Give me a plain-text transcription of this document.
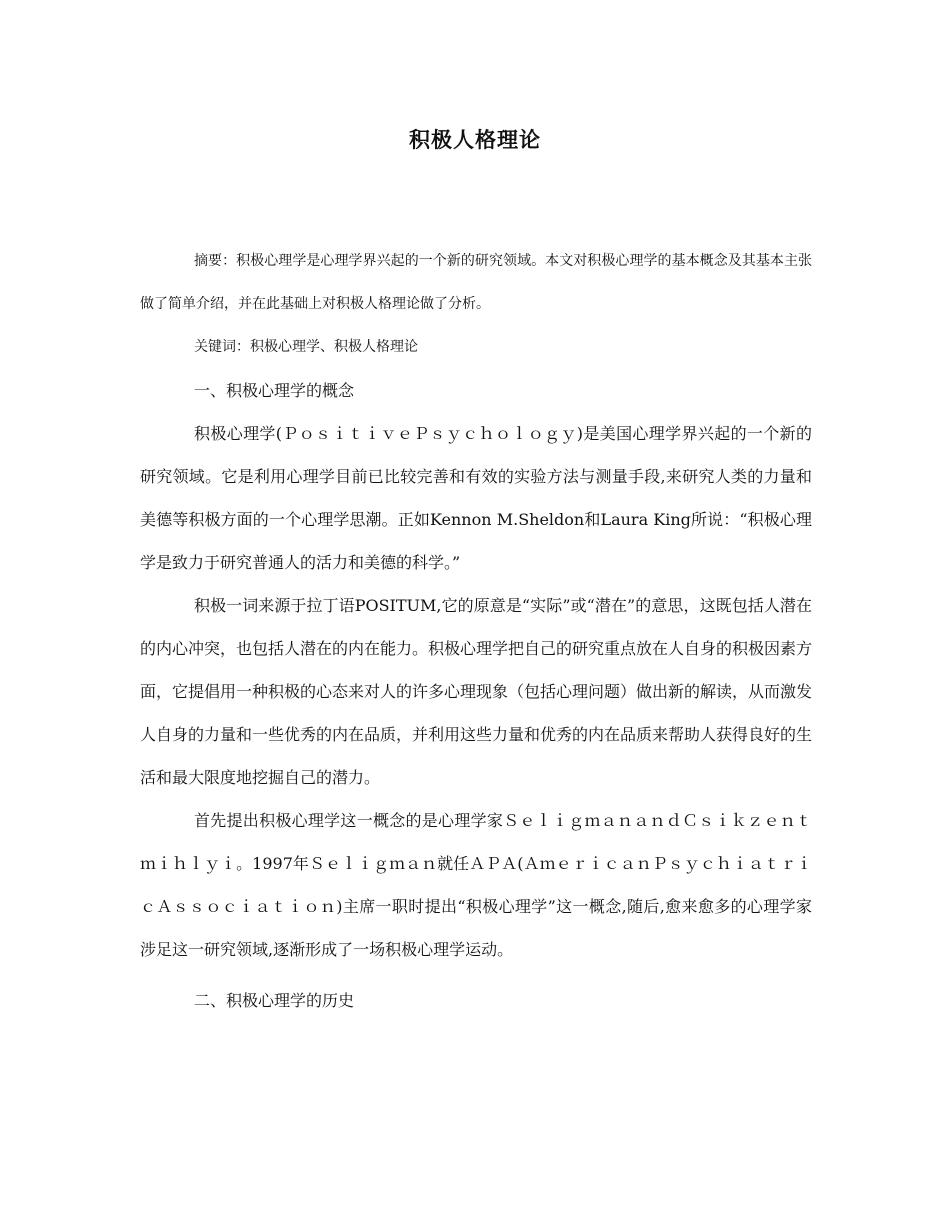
积极人格理论

摘要：积极心理学是心理学界兴起的一个新的研究领域。本文对积极心理学的基本概念及其基本主张做了简单介绍，并在此基础上对积极人格理论做了分析。

关键词：积极心理学、积极人格理论

一、积极心理学的概念

积极心理学(ＰｏｓｉｔｉｖｅＰｓｙｃｈｏｌｏｇｙ)是美国心理学界兴起的一个新的研究领域。它是利用心理学目前已比较完善和有效的实验方法与测量手段,来研究人类的力量和美德等积极方面的一个心理学思潮。正如Kennon M.Sheldon和Laura King所说：“积极心理学是致力于研究普通人的活力和美德的科学。”

积极一词来源于拉丁语POSITUM,它的原意是“实际”或“潜在”的意思，这既包括人潜在的内心冲突，也包括人潜在的内在能力。积极心理学把自己的研究重点放在人自身的积极因素方面，它提倡用一种积极的心态来对人的许多心理现象（包括心理问题）做出新的解读，从而激发人自身的力量和一些优秀的内在品质，并利用这些力量和优秀的内在品质来帮助人获得良好的生活和最大限度地挖掘自己的潜力。

首先提出积极心理学这一概念的是心理学家ＳｅｌｉｇｍａｎａｎｄＣｓｉｋｚｅｎｔｍｉｈｌｙｉ。1997年Ｓｅｌｉｇｍａｎ就任ＡＰＡ(ＡｍｅｒｉｃａｎＰｓｙｃｈｉａｔｒｉｃＡｓｓｏｃｉａｔｉｏｎ)主席一职时提出“积极心理学”这一概念,随后,愈来愈多的心理学家涉足这一研究领域,逐渐形成了一场积极心理学运动。

二、积极心理学的历史
